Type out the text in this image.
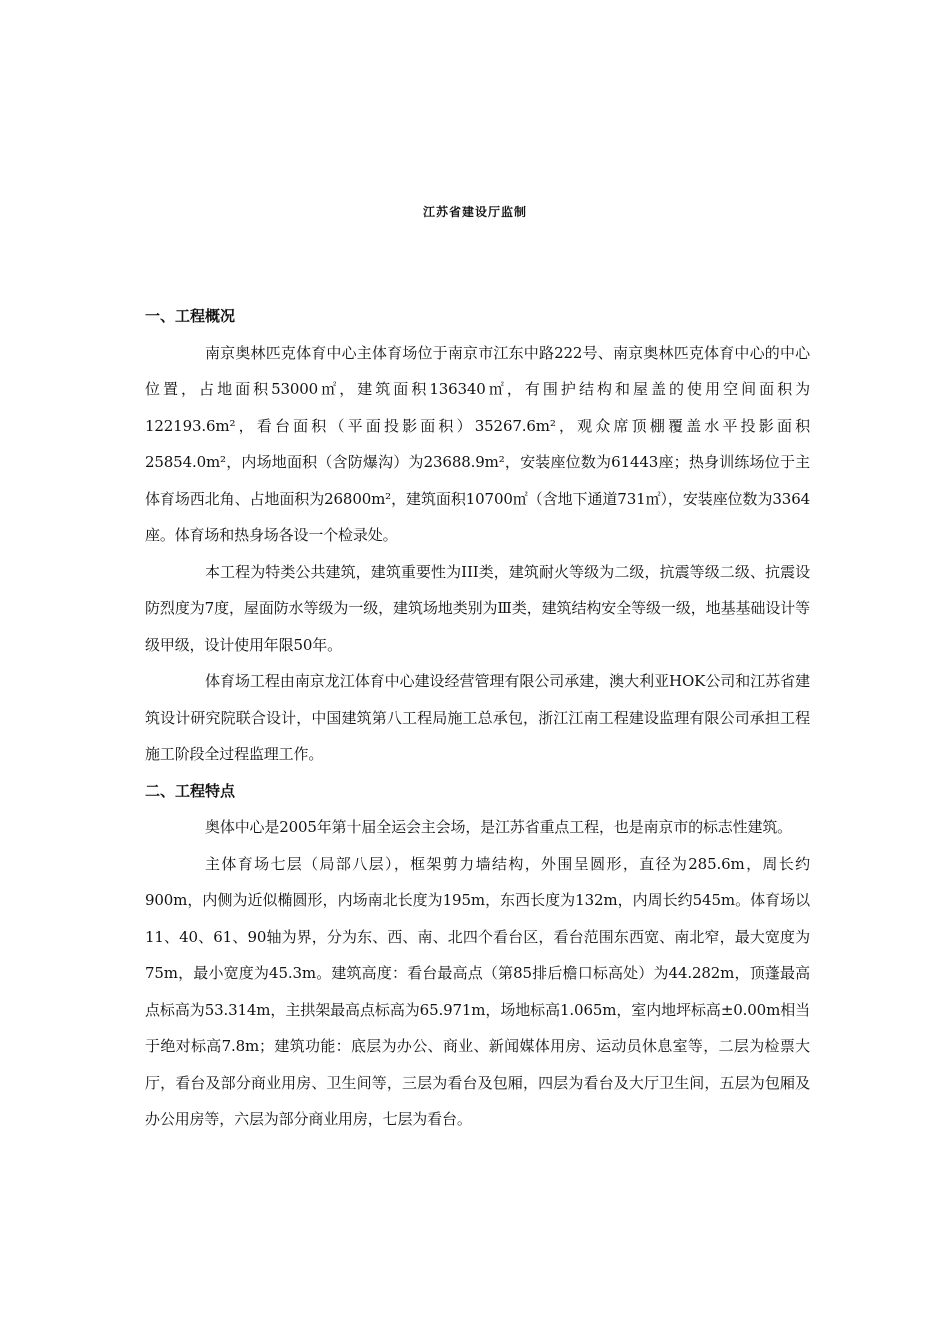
江苏省建设厅监制

一、工程概况

南京奥林匹克体育中心主体育场位于南京市江东中路222号、南京奥林匹克体育中心的中心位置，占地面积53000㎡，建筑面积136340㎡，有围护结构和屋盖的使用空间面积为122193.6m²，看台面积（平面投影面积）35267.6m²，观众席顶棚覆盖水平投影面积25854.0m²，内场地面积（含防爆沟）为23688.9m²，安装座位数为61443座；热身训练场位于主体育场西北角、占地面积为26800m²，建筑面积10700㎡（含地下通道731㎡），安装座位数为3364座。体育场和热身场各设一个检录处。

本工程为特类公共建筑，建筑重要性为III类，建筑耐火等级为二级，抗震等级二级、抗震设防烈度为7度，屋面防水等级为一级，建筑场地类别为Ⅲ类，建筑结构安全等级一级，地基基础设计等级甲级，设计使用年限50年。

体育场工程由南京龙江体育中心建设经营管理有限公司承建，澳大利亚HOK公司和江苏省建筑设计研究院联合设计，中国建筑第八工程局施工总承包，浙江江南工程建设监理有限公司承担工程施工阶段全过程监理工作。

二、工程特点

奥体中心是2005年第十届全运会主会场，是江苏省重点工程，也是南京市的标志性建筑。

主体育场七层（局部八层），框架剪力墙结构，外围呈圆形，直径为285.6m，周长约900m，内侧为近似椭圆形，内场南北长度为195m，东西长度为132m，内周长约545m。体育场以11、40、61、90轴为界，分为东、西、南、北四个看台区，看台范围东西宽、南北窄，最大宽度为75m，最小宽度为45.3m。建筑高度：看台最高点（第85排后檐口标高处）为44.282m，顶蓬最高点标高为53.314m，主拱架最高点标高为65.971m，场地标高1.065m，室内地坪标高±0.00m相当于绝对标高7.8m；建筑功能：底层为办公、商业、新闻媒体用房、运动员休息室等，二层为检票大厅，看台及部分商业用房、卫生间等，三层为看台及包厢，四层为看台及大厅卫生间，五层为包厢及办公用房等，六层为部分商业用房，七层为看台。
